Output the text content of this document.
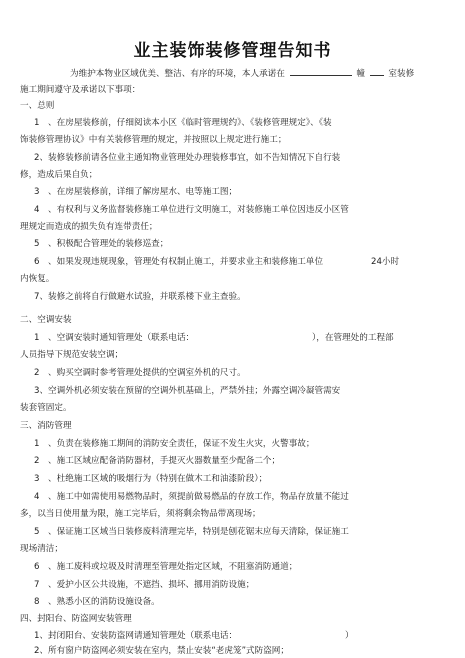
业主装饰装修管理告知书
为维护本物业区域优美、整洁、有序的环境，本人承诺在	幢	室装修
施工期间遵守及承诺以下事项：
一、总则
1　、在房屋装修前，仔细阅读本小区《临时管理规约》、《装修管理规定》、《装
饰装修管理协议》中有关装修管理的规定，并按照以上规定进行施工；
2、装修装修前请各位业主通知物业管理处办理装修事宜，如不告知情况下自行装
修，造成后果自负；
3　、在房屋装修前，详细了解房屋水、电等施工图；
4　、有权利与义务监督装修施工单位进行文明施工，对装修施工单位因违反小区管
理规定而造成的损失负有连带责任；
5　、积极配合管理处的装修巡查；
6　、如果发现违规现象，管理处有权制止施工，并要求业主和装修施工单位	24小时
内恢复。
7、装修之前将自行做避水试验，并联系楼下业主查验。
二、空调安装
1　、空调安装时通知管理处（联系电话：	），在管理处的工程部
人员指导下规范安装空调；
2　、购买空调时参考管理处提供的空调室外机的尺寸。
3、空调外机必须安装在预留的空调外机基础上，严禁外挂；外露空调冷凝管需安
装套管固定。
三、消防管理
1　、负责在装修施工期间的消防安全责任，保证不发生火灾，火警事故；
2　、施工区域应配备消防器材，手提灭火器数量至少配备二个；
3　、杜绝施工区域的吸烟行为（特别在做木工和油漆阶段）；
4　、施工中如需使用易燃物品时，须提前做易燃品的存放工作，物品存放量不能过
多，以当日使用量为限，施工完毕后，须将剩余物品带离现场；
5　、保证施工区域当日装修废料清理完毕，特别是刨花锯末应每天清除，保证施工
现场清洁；
6　、施工废料或垃圾及时清理至管理处指定区域，不阻塞消防通道；
7　、爱护小区公共设施，不遮挡、损坏、挪用消防设施；
8　、熟悉小区的消防设施设备。
四、封阳台、防盗网安装管理
1、封闭阳台、安装防盗网请通知管理处（联系电话：	）
2、所有窗户防盗网必须安装在室内，禁止安装“老虎笼”式防盗网；
